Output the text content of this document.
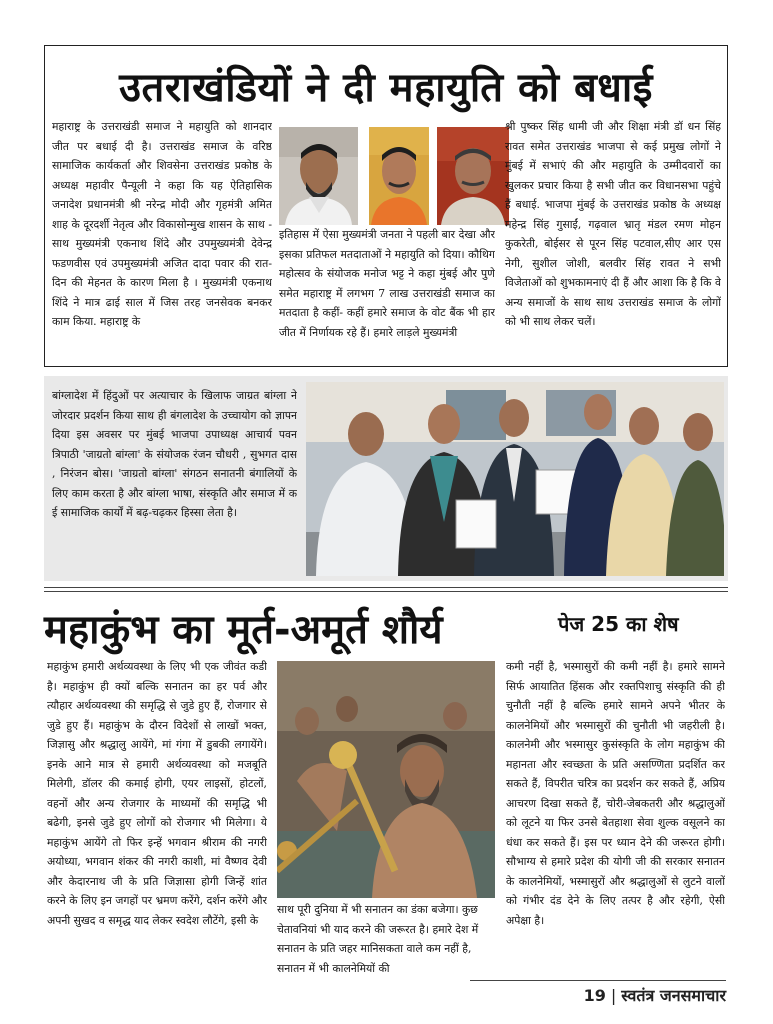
उतराखंडियों ने दी महायुति को बधाई
महाराष्ट्र के उत्तराखंडी समाज ने महायुति को शानदार जीत पर बधाई दी है। उत्तराखंड समाज के वरिष्ठ सामाजिक कार्यकर्ता और शिवसेना उत्तराखंड प्रकोष्ठ के अध्यक्ष महावीर पैन्यूली ने कहा कि यह ऐतिहासिक जनादेश प्रधानमंत्री श्री नरेन्द्र मोदी और गृहमंत्री अमित शाह के दूरदर्शी नेतृत्व और विकासोन्मुख शासन के साथ - साथ मुख्यमंत्री एकनाथ शिंदे और उपमुख्यमंत्री देवेन्द्र फडणवीस एवं उपमुख्यमंत्री अजित दादा पवार की रात-दिन की मेहनत के कारण मिला है । मुख्यमंत्री एकनाथ शिंदे ने मात्र ढाई साल में जिस तरह जनसेवक बनकर काम किया. महाराष्ट्र के
इतिहास में ऐसा मुख्यमंत्री जनता ने पहली बार देखा और इसका प्रतिफल मतदाताओं ने महायुति को दिया। कौथिग महोत्सव के संयोजक मनोज भट्ट ने कहा मुंबई और पुणे समेत महाराष्ट्र में लगभग 7 लाख उत्तराखंडी समाज का मतदाता है कहीं- कहीं हमारे समाज के वोट बैंक भी हार जीत में निर्णायक रहे हैं। हमारे लाड़ले मुख्यमंत्री
श्री पुष्कर सिंह धामी जी और शिक्षा मंत्री डॉ धन सिंह रावत समेत उत्तराखंड भाजपा से कई प्रमुख लोगों ने मुंबई में सभाएं की और महायुति के उम्मीदवारों का खुलकर प्रचार किया है सभी जीत कर विधानसभा पहुंचे हैं बधाई. भाजपा मुंबई के उत्तराखंड प्रकोष्ठ के अध्यक्ष महेन्द्र सिंह गुसाईं, गढ़वाल भ्रातृ मंडल रमण मोहन कुकरेती, बोईसर से पूरन सिंह पटवाल,सीए आर एस नेगी, सुशील जोशी, बलवीर सिंह रावत ने सभी विजेताओं को शुभकामनाएं दी हैं और आशा कि है कि वे अन्य समाजों के साथ साथ उत्तराखंड समाज के लोगों को भी साथ लेकर चलें।
बांग्लादेश में हिंदुओं पर अत्याचार के खिलाफ जाग्रत बांग्ला ने जोरदार प्रदर्शन किया साथ ही बंगलादेश के उच्चायोग को ज्ञापन दिया इस अवसर पर मुंबई भाजपा उपाध्यक्ष आचार्य पवन त्रिपाठी 'जाग्रतो बांग्ला' के संयोजक रंजन चौधरी , सुभगत दास , निरंजन बोस। 'जाग्रतो बांग्ला' संगठन सनातनी बंगालियों के लिए काम करता है और बांग्ला भाषा, संस्कृति और समाज में क ई सामाजिक कार्यों में बढ़-चढ़कर हिस्सा लेता है।
महाकुंभ का मूर्त-अमूर्त शौर्य	पेज 25 का शेष
महाकुंभ हमारी अर्थव्यवस्था के लिए भी एक जीवंत कडी है। महाकुंभ ही क्यों बल्कि सनातन का हर पर्व और त्यौहार अर्थव्यवस्था की समृद्धि से जुडे हुए हैं, रोजगार से जुडे हुए हैं। महाकुंभ के दौरन विदेशों से लाखों भक्त, जिज्ञासु और श्रद्धालु आयेंगे, मां गंगा में डुबकी लगायेंगे। इनके आने मात्र से हमारी अर्थव्यवस्था को मजबूति मिलेगी, डॉलर की कमाई होगी, एयर लाइसों, होटलों, वहनों और अन्य रोजगार के माध्यमों की समृद्धि भी बढेगी, इनसे जुडे हुए लोगों को रोजगार भी मिलेगा। ये महाकुंभ आयेंगे तो फिर इन्हें भगवान श्रीराम की नगरी अयोध्या, भगवान शंकर की नगरी काशी, मां वैष्णव देवी और केदारनाथ जी के प्रति जिज्ञासा होगी जिन्हें शांत करने के लिए इन जगहों पर भ्रमण करेंगे, दर्शन करेंगे और अपनी सुखद व समृद्ध याद लेकर स्वदेश लौटेंगे, इसी के
साथ पूरी दुनिया में भी सनातन का डंका बजेगा। कुछ चेतावनियां भी याद करने की जरूरत है। हमारे देश में सनातन के प्रति जहर मानिसकता वाले कम नहीं है, सनातन में भी कालनेमियों की
कमी नहीं है, भस्मासुरों की कमी नहीं है। हमारे सामने सिर्फ आयातित हिंसक और रक्तपिशाचु संस्कृति की ही चुनौती नहीं है बल्कि हमारे सामने अपने भीतर के कालनेमियों और भस्मासुरों की चुनौती भी जहरीली है। कालनेमी और भस्मासुर कुसंस्कृति के लोग महाकुंभ की महानता और स्वच्छता के प्रति असण्णिता प्रदर्शित कर सकते हैं, विपरीत चरित्र का प्रदर्शन कर सकते हैं, अप्रिय आचरण दिखा सकते हैं, चोरी-जेबकतरी और श्रद्धालुओं को लूटने या फिर उनसे बेतहाशा सेवा शुल्क वसूलने का धंधा कर सकते हैं। इस पर ध्यान देने की जरूरत होगी। सौभाग्य से हमारे प्रदेश की योगी जी की सरकार सनातन के कालनेमियों, भस्मासुरों और श्रद्धालुओं से लुटने वालों को गंभीर दंड देने के लिए तत्पर है और रहेगी, ऐसी अपेक्षा है।
19 | स्वतंत्र जनसमाचार
